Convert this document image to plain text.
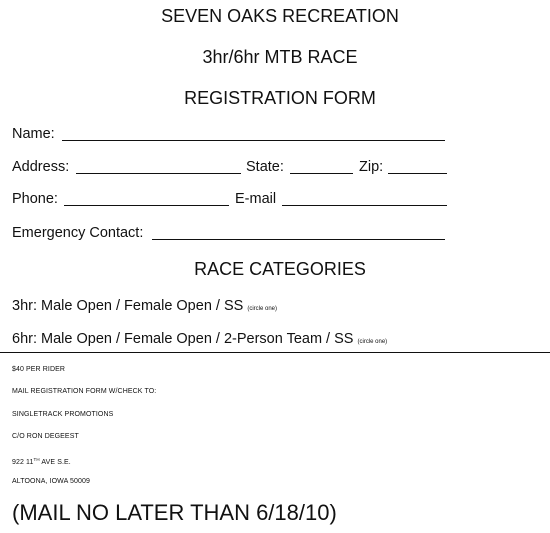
SEVEN OAKS RECREATION
3hr/6hr MTB RACE
REGISTRATION FORM
Name:
Address:	State:	Zip:
Phone:	E-mail
Emergency Contact:
RACE CATEGORIES
3hr: Male Open / Female Open / SS (circle one)
6hr: Male Open / Female Open / 2-Person Team / SS (circle one)
$40 PER RIDER
MAIL REGISTRATION FORM W/CHECK TO:
SINGLETRACK PROMOTIONS
C/O RON DEGEEST
922 11TH AVE S.E.
ALTOONA, IOWA 50009
(MAIL NO LATER THAN 6/18/10)
